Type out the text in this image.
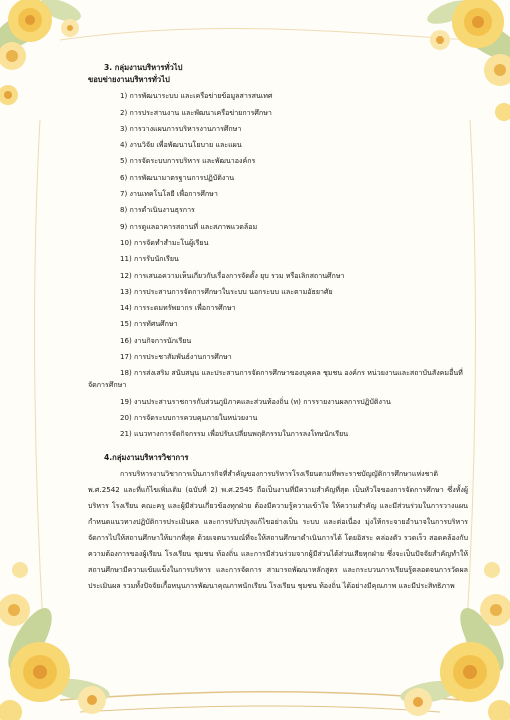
3. กลุ่มงานบริหารทั่วไป
ขอบข่ายงานบริหารทั่วไป
1) การพัฒนาระบบ และเครือข่ายข้อมูลสารสนเทศ
2) การประสานงาน และพัฒนาเครือข่ายการศึกษา
3) การวางแผนการบริหารงานการศึกษา
4) งานวิจัย เพื่อพัฒนานโยบาย และแผน
5) การจัดระบบการบริหาร และพัฒนาองค์กร
6) การพัฒนามาตรฐานการปฏิบัติงาน
7) งานเทคโนโลยี เพื่อการศึกษา
8) การดำเนินงานธุรการ
9) การดูแลอาคารสถานที่ และสภาพแวดล้อม
10) การจัดทำสำมะโนผู้เรียน
11) การรับนักเรียน
12) การเสนอความเห็นเกี่ยวกับเรื่องการจัดตั้ง ยุบ รวม หรือเลิกสถานศึกษา
13) การประสานการจัดการศึกษาในระบบ นอกระบบ และตามอัธยาศัย
14) การระดมทรัพยากร เพื่อการศึกษา
15) การทัศนศึกษา
16) งานกิจการนักเรียน
17) การประชาสัมพันธ์งานการศึกษา
18) การส่งเสริม สนับสนุน และประสานการจัดการศึกษาของบุคคล ชุมชน องค์กร หน่วยงานและสถาบันสังคมอื่นที่จัดการศึกษา
19) งานประสานราชการกับส่วนภูมิภาคและส่วนท้องถิ่น (ท) การรายงานผลการปฏิบัติงาน
20) การจัดระบบการควบคุมภายในหน่วยงาน
21) แนวทางการจัดกิจกรรม เพื่อปรับเปลี่ยนพฤติกรรมในการลงโทษนักเรียน
4.กลุ่มงานบริหารวิชาการ
การบริหารงานวิชาการเป็นภารกิจที่สำคัญของการบริหารโรงเรียนตามที่พระราชบัญญัติการศึกษาแห่งชาติ พ.ศ.2542 และที่แก้ไขเพิ่มเติม (ฉบับที่ 2) พ.ศ.2545 ถือเป็นงานที่มีความสำคัญที่สุด เป็นหัวใจของการจัดการศึกษา ซึ่งทั้งผู้บริหาร โรงเรียน คณะครู และผู้มีส่วนเกี่ยวข้องทุกฝ่าย ต้องมีความรู้ความเข้าใจ ให้ความสำคัญ และมีส่วนร่วมในการวางแผนกำหนดแนวทางปฏิบัติการประเมินผล และการปรับปรุงแก้ไขอย่างเป็น ระบบ และต่อเนื่อง มุ่งให้กระจายอำนาจในการบริหารจัดการไปให้สถานศึกษาให้มากที่สุด ด้วยเจตนารมณ์ที่จะให้สถานศึกษาดำเนินการได้ โดยอิสระ คล่องตัว รวดเร็ว สอดคล้องกับความต้องการของผู้เรียน โรงเรียน ชุมชน ท้องถิ่น และการมีส่วนร่วมจากผู้มีส่วนได้ส่วนเสียทุกฝ่าย ซึ่งจะเป็นปัจจัยสำคัญทำให้สถานศึกษามีความเข้มแข็งในการบริหาร และการจัดการ สามารถพัฒนาหลักสูตร และกระบวนการเรียนรู้ตลอดจนการวัดผล ประเมินผล รวมทั้งปัจจัยเกื้อหนุนการพัฒนาคุณภาพนักเรียน โรงเรียน ชุมชน ท้องถิ่น ได้อย่างมีคุณภาพ และมีประสิทธิภาพ
